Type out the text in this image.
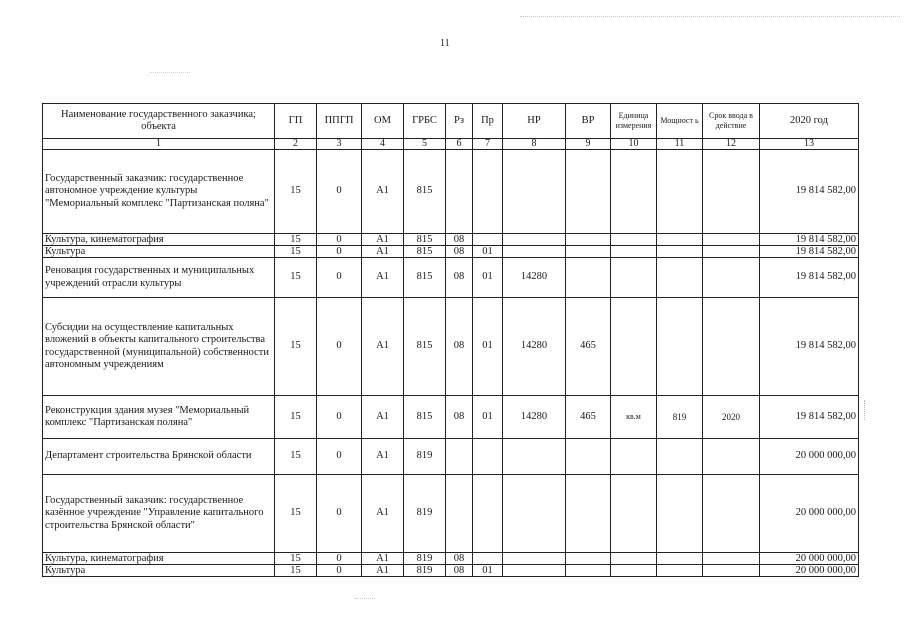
11
Наименование государственного заказчика; объекта	ГП	ППГП	ОМ	ГРБС	Рз	Пр	НР	ВР	Единица измерения	Мощност ь	Срок ввода в действие	2020 год
1	2	3	4	5	6	7	8	9	10	11	12	13
Государственный заказчик: государственное автономное учреждение культуры "Мемориальный комплекс "Партизанская поляна"	15	0	А1	815								19 814 582,00
Культура, кинематография	15	0	А1	815	08							19 814 582,00
Культура	15	0	А1	815	08	01						19 814 582,00
Реновация государственных и муниципальных учреждений отрасли культуры	15	0	А1	815	08	01	14280					19 814 582,00
Субсидии на осуществление капитальных вложений в объекты капитального строительства государственной (муниципальной) собственности автономным учреждениям	15	0	А1	815	08	01	14280	465				19 814 582,00
Реконструкция здания музея "Мемориальный комплекс "Партизанская поляна"	15	0	А1	815	08	01	14280	465	кв.м	819	2020	19 814 582,00
Департамент строительства Брянской области	15	0	А1	819								20 000 000,00
Государственный заказчик: государственное казённое учреждение "Управление капитального строительства Брянской области"	15	0	А1	819								20 000 000,00
Культура, кинематография	15	0	А1	819	08							20 000 000,00
Культура	15	0	А1	819	08	01						20 000 000,00
